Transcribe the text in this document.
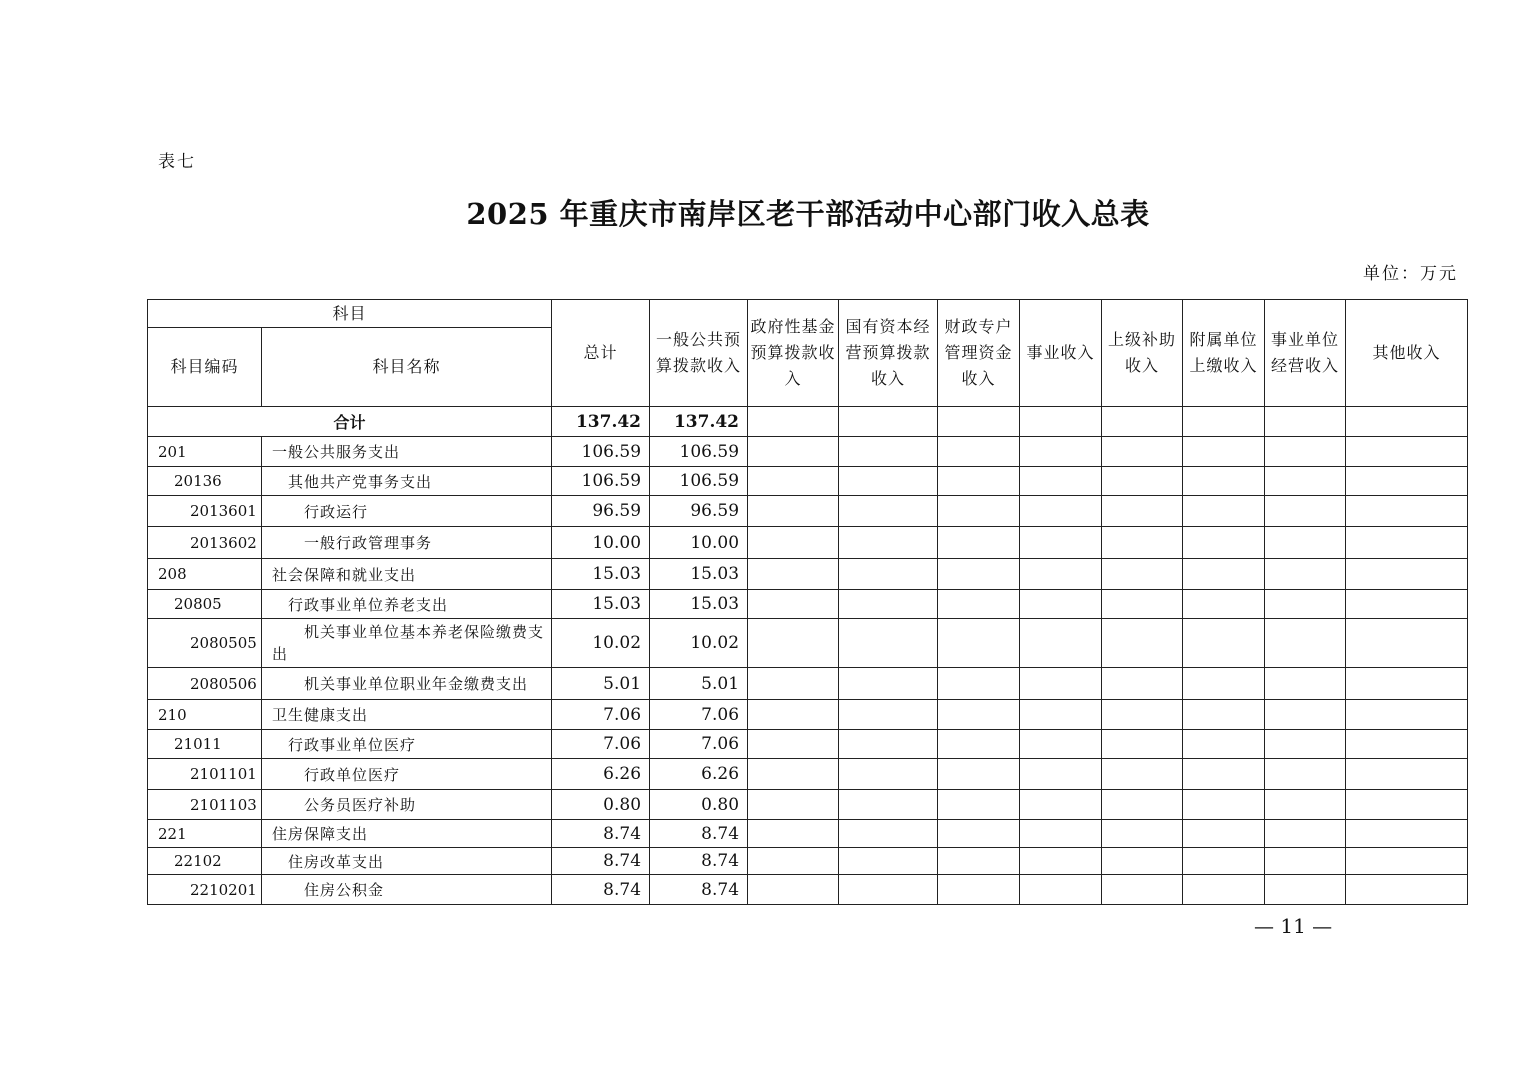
表七
2025 年重庆市南岸区老干部活动中心部门收入总表
单位：万元
科目		总计	一般公共预算拨款收入	政府性基金预算拨款收入	国有资本经营预算拨款收入	财政专户管理资金收入	事业收入	上级补助收入	附属单位上缴收入	事业单位经营收入	其他收入
科目编码	科目名称										
合计		137.42	137.42								
201	一般公共服务支出	106.59	106.59								
20136	其他共产党事务支出	106.59	106.59								
2013601	行政运行	96.59	96.59								
2013602	一般行政管理事务	10.00	10.00								
208	社会保障和就业支出	15.03	15.03								
20805	行政事业单位养老支出	15.03	15.03								
2080505	机关事业单位基本养老保险缴费支出	10.02	10.02								
2080506	机关事业单位职业年金缴费支出	5.01	5.01								
210	卫生健康支出	7.06	7.06								
21011	行政事业单位医疗	7.06	7.06								
2101101	行政单位医疗	6.26	6.26								
2101103	公务员医疗补助	0.80	0.80								
221	住房保障支出	8.74	8.74								
22102	住房改革支出	8.74	8.74								
2210201	住房公积金	8.74	8.74								
— 11 —
